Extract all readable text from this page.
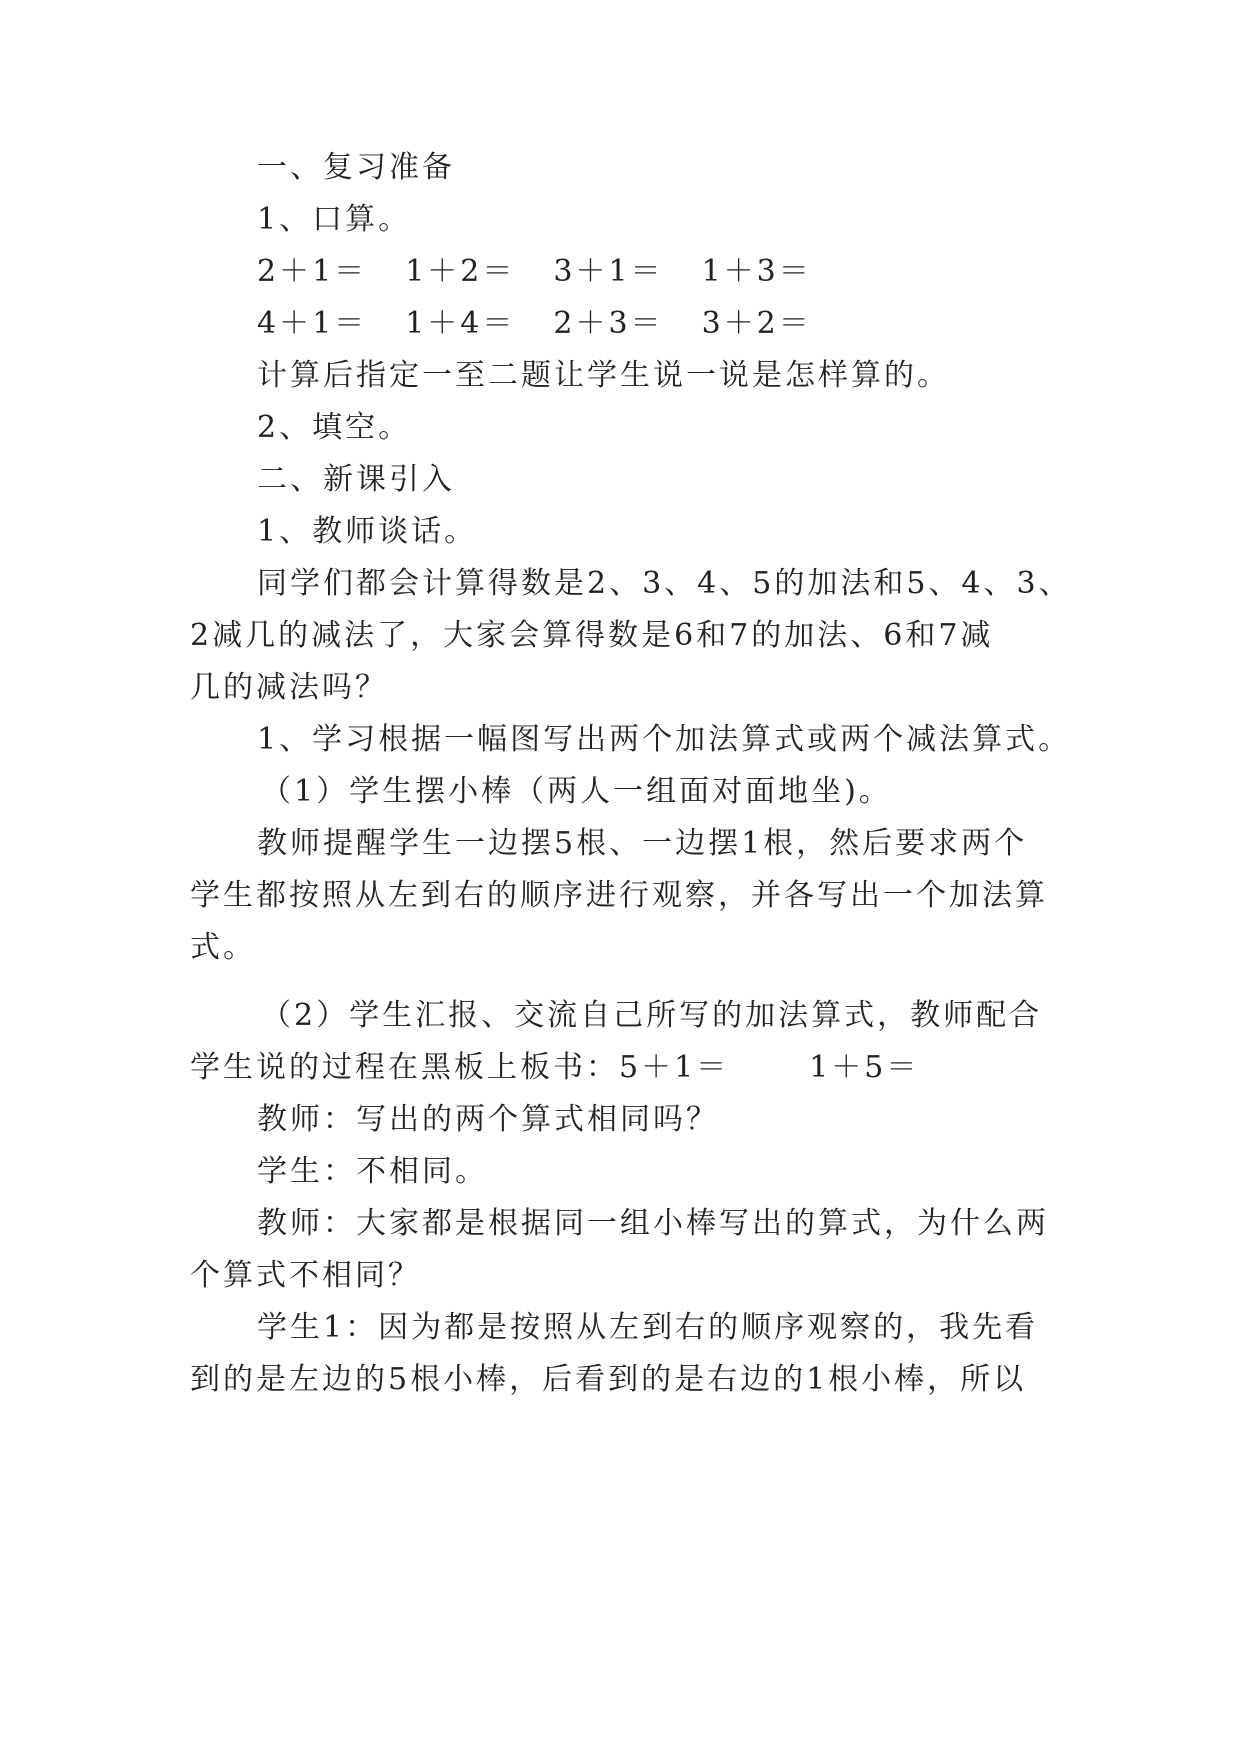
一、复习准备
1、口算。
2＋1＝ 1＋2＝ 3＋1＝ 1＋3＝
4＋1＝ 1＋4＝ 2＋3＝ 3＋2＝
计算后指定一至二题让学生说一说是怎样算的。
2、填空。
二、新课引入
1、教师谈话。
同学们都会计算得数是2、3、4、5的加法和5、4、3、
2减几的减法了，大家会算得数是6和7的加法、6和7减
几的减法吗？
1、学习根据一幅图写出两个加法算式或两个减法算式。
（1）学生摆小棒（两人一组面对面地坐)。
教师提醒学生一边摆5根、一边摆1根，然后要求两个
学生都按照从左到右的顺序进行观察，并各写出一个加法算
式。
（2）学生汇报、交流自己所写的加法算式，教师配合
学生说的过程在黑板上板书：5＋1＝	1＋5＝
教师：写出的两个算式相同吗？
学生：不相同。
教师：大家都是根据同一组小棒写出的算式，为什么两
个算式不相同？
学生1：因为都是按照从左到右的顺序观察的，我先看
到的是左边的5根小棒，后看到的是右边的1根小棒，所以
